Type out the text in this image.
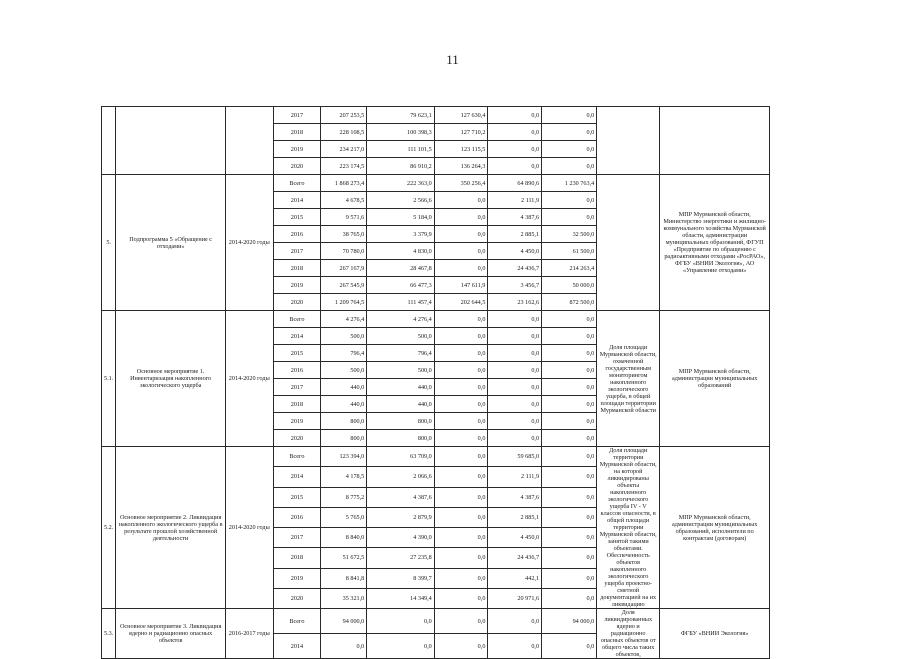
11
			2017	207 253,5	79 623,1	127 630,4	0,0	0,0		
			2018	228 108,5	100 398,3	127 710,2	0,0	0,0		
			2019	234 217,0	111 101,5	123 115,5	0,0	0,0		
			2020	223 174,5	86 910,2	136 264,3	0,0	0,0		
5.	Подпрограмма 5 «Обращение с отходами»	2014-2020 годы	Всего	1 868 273,4	222 363,0	350 256,4	64 890,6	1 230 763,4		МПР Мурманской области, Министерство энергетики и жилищно-коммунального хозяйства Мурманской области, администрации муниципальных образований, ФГУП «Предприятие по обращению с радиоактивными отходами «РосРАО», ФГБУ «ВНИИ Экология», АО «Управление отходами»
			2014	4 678,5	2 566,6	0,0	2 111,9	0,0		
			2015	9 571,6	5 184,0	0,0	4 387,6	0,0		
			2016	38 765,0	3 379,9	0,0	2 885,1	32 500,0		
			2017	70 780,0	4 830,0	0,0	4 450,0	61 500,0		
			2018	267 167,9	28 467,8	0,0	24 436,7	214 263,4		
			2019	267 545,9	66 477,3	147 611,9	3 456,7	50 000,0		
			2020	1 209 764,5	111 457,4	202 644,5	23 162,6	872 500,0		
5.1.	Основное мероприятие 1. Инвентаризация накопленного экологического ущерба	2014-2020 годы	Всего	4 276,4	4 276,4	0,0	0,0	0,0	Доля площади Мурманской области, охваченной государственным мониторингом накопленного экологического ущерба, в общей площади территории Мурманской области	МПР Мурманской области, администрации муниципальных образований
			2014	500,0	500,0	0,0	0,0	0,0		
			2015	796,4	796,4	0,0	0,0	0,0		
			2016	500,0	500,0	0,0	0,0	0,0		
			2017	440,0	440,0	0,0	0,0	0,0		
			2018	440,0	440,0	0,0	0,0	0,0		
			2019	800,0	800,0	0,0	0,0	0,0		
			2020	800,0	800,0	0,0	0,0	0,0		
5.2.	Основное мероприятие 2. Ликвидация накопленного экологического ущерба в результате прошлой хозяйственной деятельности	2014-2020 годы	Всего	123 394,0	63 709,0	0,0	59 685,0	0,0	Доля площади территории Мурманской области, на которой ликвидированы объекты накопленного экологического ущерба IV - V классов опасности, в общей площади территории Мурманской области, занятой такими объектами. Обеспеченность объектов накопленного экологического ущерба проектно-сметной документацией на их ликвидацию	МПР Мурманской области, администрации муниципальных образований, исполнители по контрактам (договорам)
			2014	4 178,5	2 066,6	0,0	2 111,9	0,0		
			2015	8 775,2	4 387,6	0,0	4 387,6	0,0		
			2016	5 765,0	2 879,9	0,0	2 885,1	0,0		
			2017	8 840,0	4 390,0	0,0	4 450,0	0,0		
			2018	51 672,5	27 235,8	0,0	24 436,7	0,0		
			2019	8 841,8	8 399,7	0,0	442,1	0,0		
			2020	35 321,0	14 349,4	0,0	20 971,6	0,0		
5.3.	Основное мероприятие 3. Ликвидация ядерно и радиационно опасных объектов	2016-2017 годы	Всего	94 000,0	0,0	0,0	0,0	94 000,0	Доля ликвидированных ядерно и радиационно опасных объектов от общего числа таких объектов,	ФГБУ «ВНИИ Экология»
			2014	0,0	0,0	0,0	0,0	0,0		
